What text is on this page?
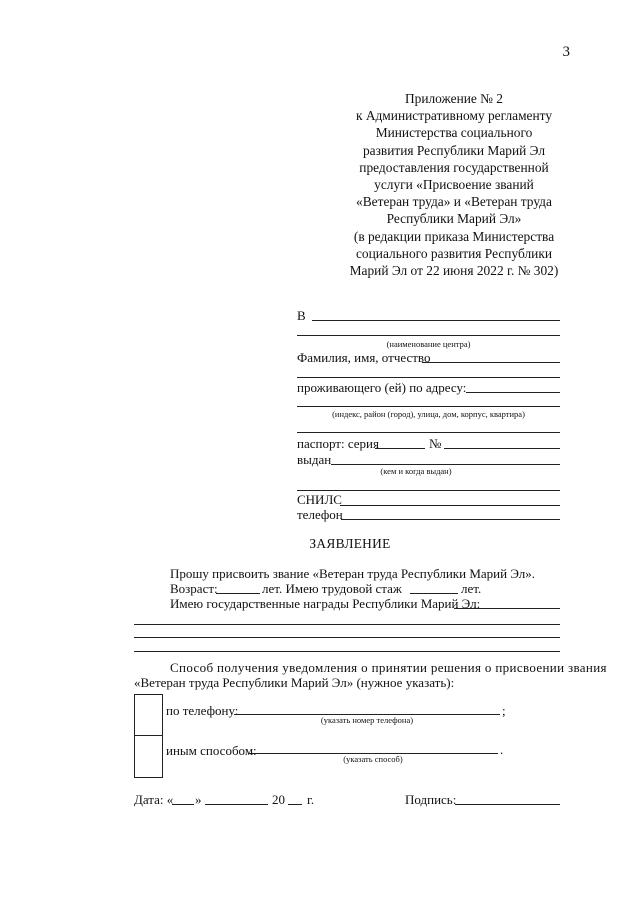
3
Приложение № 2
к Административному регламенту
Министерства социального
развития Республики Марий Эл
предоставления государственной
услуги «Присвоение званий
«Ветеран труда» и «Ветеран труда
Республики Марий Эл»
(в редакции приказа Министерства
социального развития Республики
Марий Эл от 22 июня 2022 г. № 302)
В
(наименование центра)
Фамилия, имя, отчество
проживающего (ей) по адресу:
(индекс, район (город), улица, дом, корпус, квартира)
паспорт: серия	№
выдан
(кем и когда выдан)
СНИЛС
телефон
ЗАЯВЛЕНИЕ
Прошу присвоить звание «Ветеран труда Республики Марий Эл».
Возраст:	лет. Имею трудовой стаж	лет.
Имею государственные награды Республики Марий Эл:
Способ получения уведомления о принятии решения о присвоении звания
«Ветеран труда Республики Марий Эл» (нужное указать):
по телефону:	;
(указать номер телефона)
иным способом:	.
(указать способ)
Дата: « »	20 г.	Подпись:
